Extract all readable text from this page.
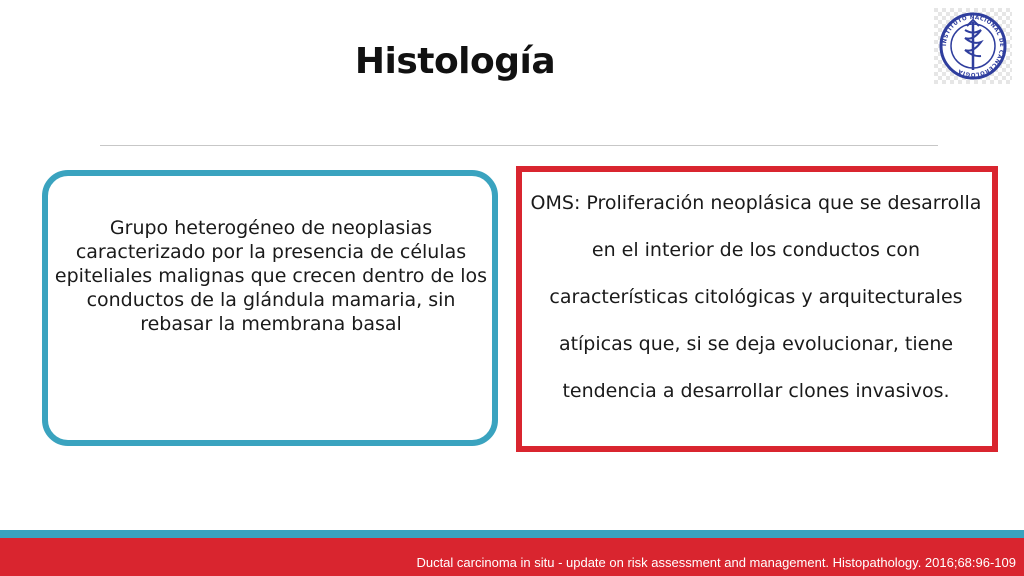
Histología	INSTITUTO NACIONAL DE CANCEROLOGÍA
Grupo heterogéneo de neoplasias caracterizado por la presencia de células epiteliales malignas que crecen dentro de los conductos de la glándula mamaria, sin rebasar la membrana basal
OMS: Proliferación neoplásica que se desarrolla en el interior de los conductos con características citológicas y arquitecturales atípicas que, si se deja evolucionar, tiene tendencia a desarrollar clones invasivos.
Ductal carcinoma in situ - update on risk assessment and management. Histopathology. 2016;68:96-109
